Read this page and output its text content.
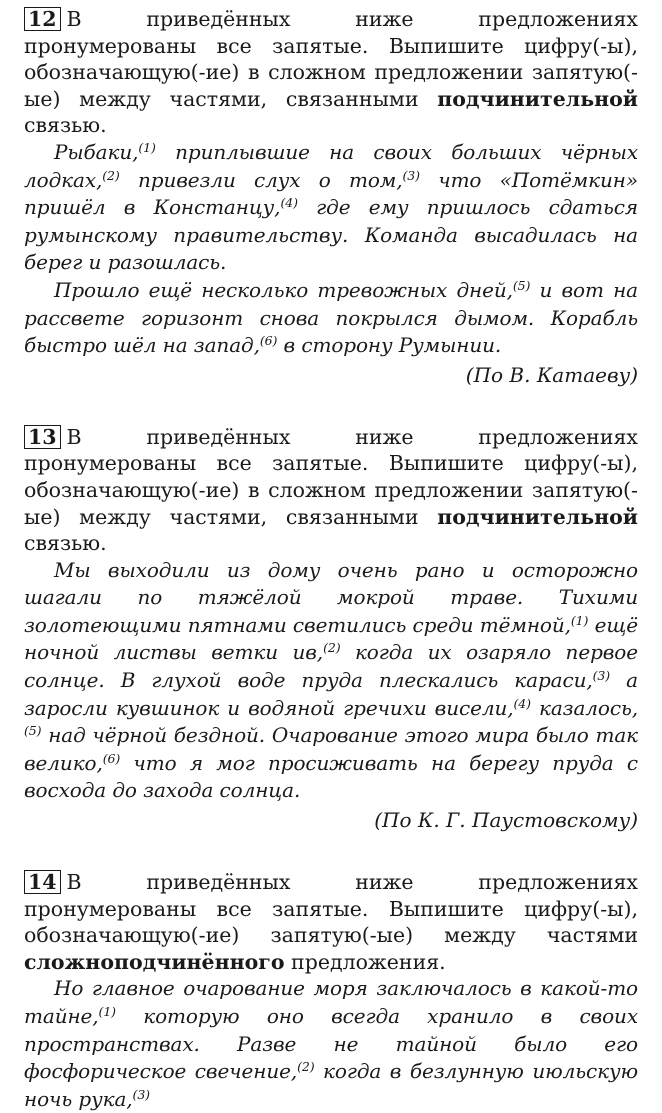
12 В приведённых ниже предложениях пронумерованы все запятые. Выпишите цифру(-ы), обозначающую(-ие) в сложном предложении запятую(-ые) между частями, связанными подчинительной связью.

Рыбаки,$^{(1)}$ приплывшие на своих больших чёрных лодках,$^{(2)}$ привезли слух о том,$^{(3)}$ что «Потёмкин» пришёл в Констанцу,$^{(4)}$ где ему пришлось сдаться румынскому правительству. Команда высадилась на берег и разошлась.

Прошло ещё несколько тревожных дней,$^{(5)}$ и вот на рассвете горизонт снова покрылся дымом. Корабль быстро шёл на запад,$^{(6)}$ в сторону Румынии.

(По В. Катаеву)

13 В приведённых ниже предложениях пронумерованы все запятые. Выпишите цифру(-ы), обозначающую(-ие) в сложном предложении запятую(-ые) между частями, связанными подчинительной связью.

Мы выходили из дому очень рано и осторожно шагали по тяжёлой мокрой траве. Тихими золотеющими пятнами светились среди тёмной,$^{(1)}$ ещё ночной листвы ветки ив,$^{(2)}$ когда их озаряло первое солнце. В глухой воде пруда плескались караси,$^{(3)}$ а заросли кувшинок и водяной гречихи висели,$^{(4)}$ казалось,$^{(5)}$ над чёрной бездной. Очарование этого мира было так велико,$^{(6)}$ что я мог просиживать на берегу пруда с восхода до захода солнца.

(По К. Г. Паустовскому)

14 В приведённых ниже предложениях пронумерованы все запятые. Выпишите цифру(-ы), обозначающую(-ие) запятую(-ые) между частями сложноподчинённого предложения.

Но главное очарование моря заключалось в какой-то тайне,$^{(1)}$ которую оно всегда хранило в своих пространствах. Разве не тайной было его фосфорическое свечение,$^{(2)}$ когда в безлунную июльскую ночь рука,$^{(3)}$
